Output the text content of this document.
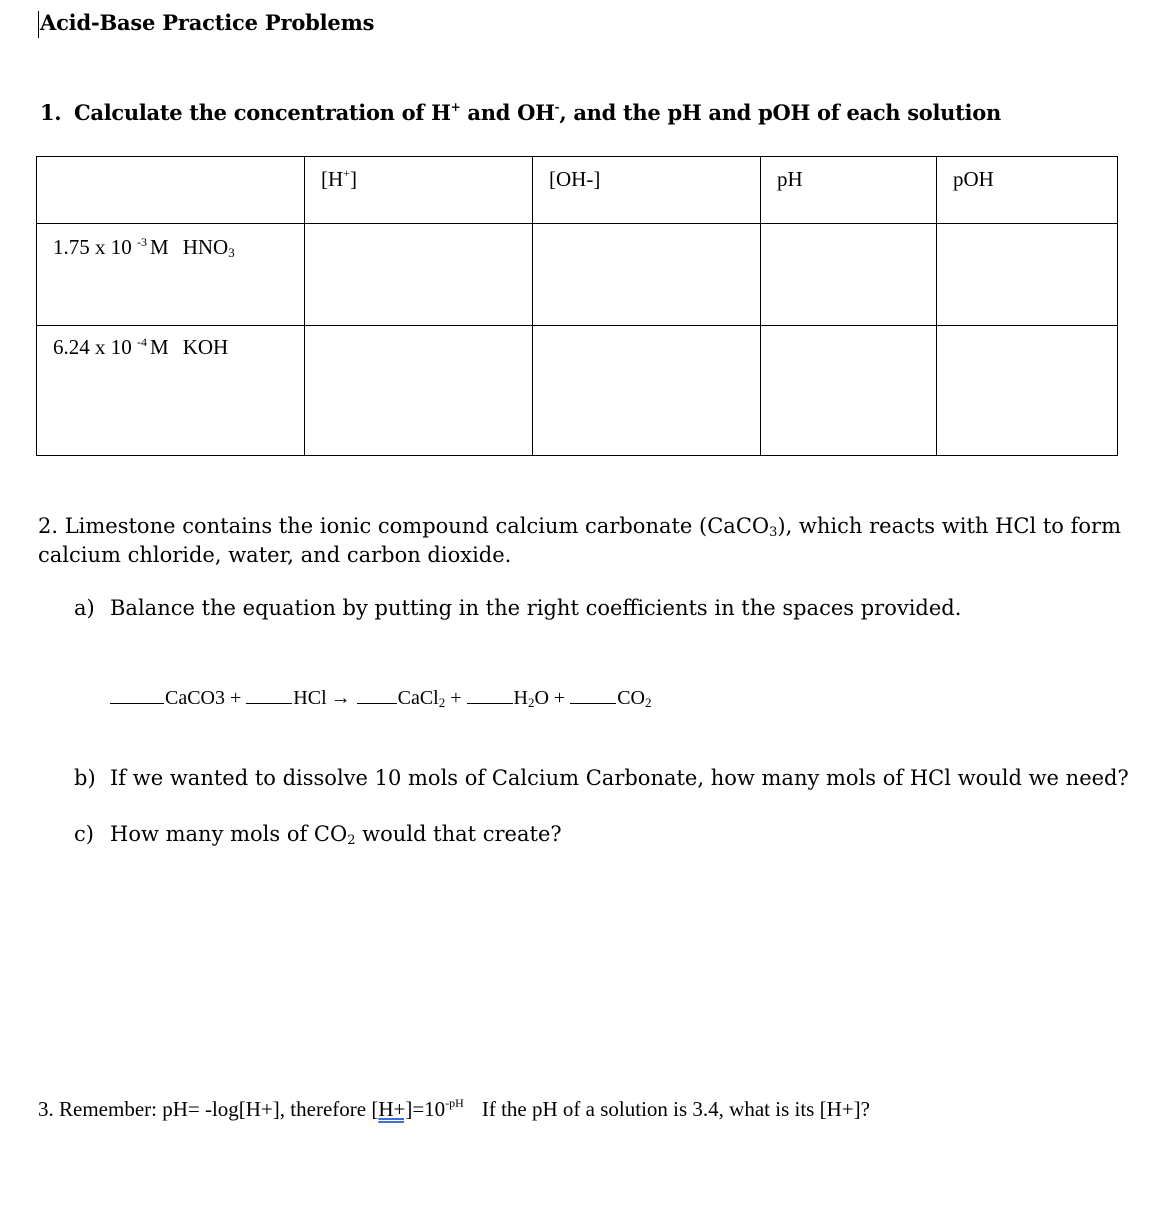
Acid-Base Practice Problems
1. Calculate the concentration of H+ and OH-, and the pH and pOH of each solution
	[H+]	[OH-]	pH	pOH
1.75 x 10 $^{-3}$ M $HNO_3$				
6.24 x 10 $^{-4}$ M KOH				
2. Limestone contains the ionic compound calcium carbonate (CaCO$_3$), which reacts with HCl to form calcium chloride, water, and carbon dioxide.
a) Balance the equation by putting in the right coefficients in the spaces provided.
CaCO3 + HCl → CaCl$_2$ + $H_2O + CO_2$
b) If we wanted to dissolve 10 mols of Calcium Carbonate, how many mols of HCl would we need?
c) How many mols of $CO_2$ would that create?
3. Remember: pH= -log[H+], therefore $[H+]=10^{-pH}$ If the pH of a solution is 3.4, what is its [H+]?
